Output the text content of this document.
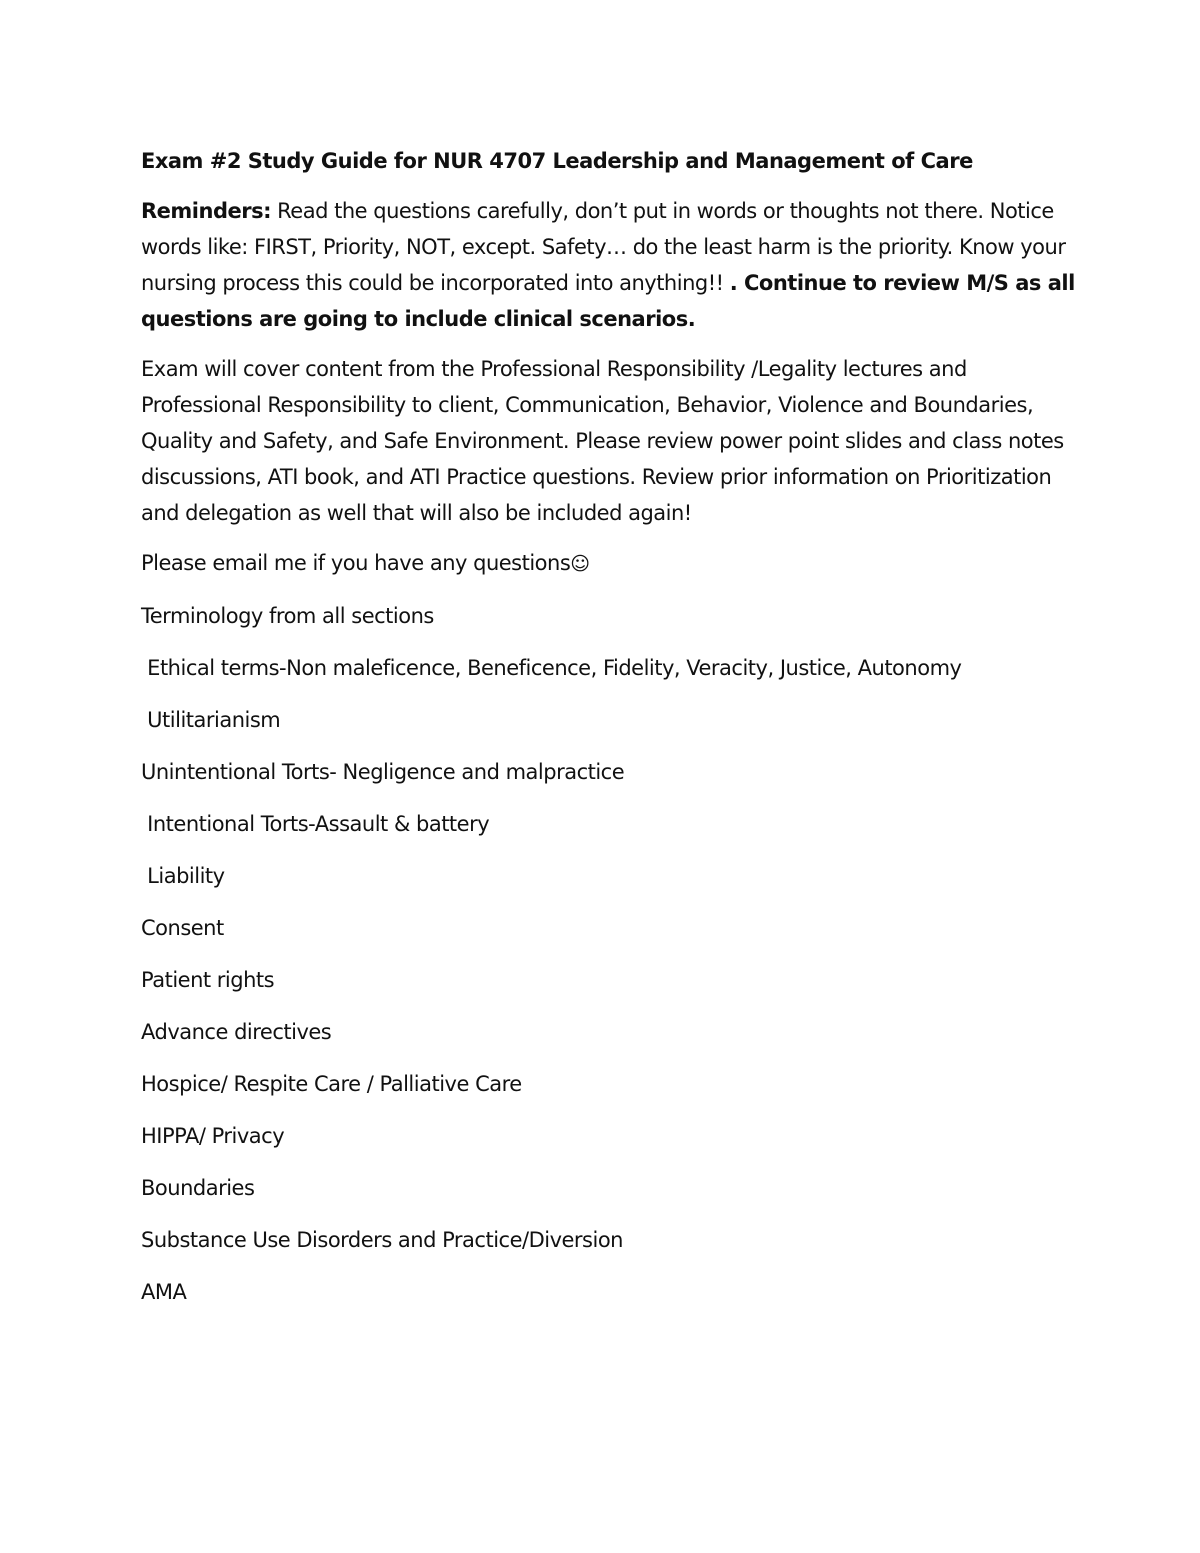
Exam #2 Study Guide for NUR 4707 Leadership and Management of Care

Reminders: Read the questions carefully, don’t put in words or thoughts not there. Notice words like: FIRST, Priority, NOT, except. Safety… do the least harm is the priority. Know your nursing process this could be incorporated into anything!! . Continue to review M/S as all questions are going to include clinical scenarios.

Exam will cover content from the Professional Responsibility /Legality lectures and Professional Responsibility to client, Communication, Behavior, Violence and Boundaries, Quality and Safety, and Safe Environment. Please review power point slides and class notes discussions, ATI book, and ATI Practice questions. Review prior information on Prioritization and delegation as well that will also be included again!

Please email me if you have any questions☺

Terminology from all sections

Ethical terms-Non maleficence, Beneficence, Fidelity, Veracity, Justice, Autonomy

Utilitarianism

Unintentional Torts- Negligence and malpractice

Intentional Torts-Assault & battery

Liability

Consent

Patient rights

Advance directives

Hospice/ Respite Care / Palliative Care

HIPPA/ Privacy

Boundaries

Substance Use Disorders and Practice/Diversion

AMA
